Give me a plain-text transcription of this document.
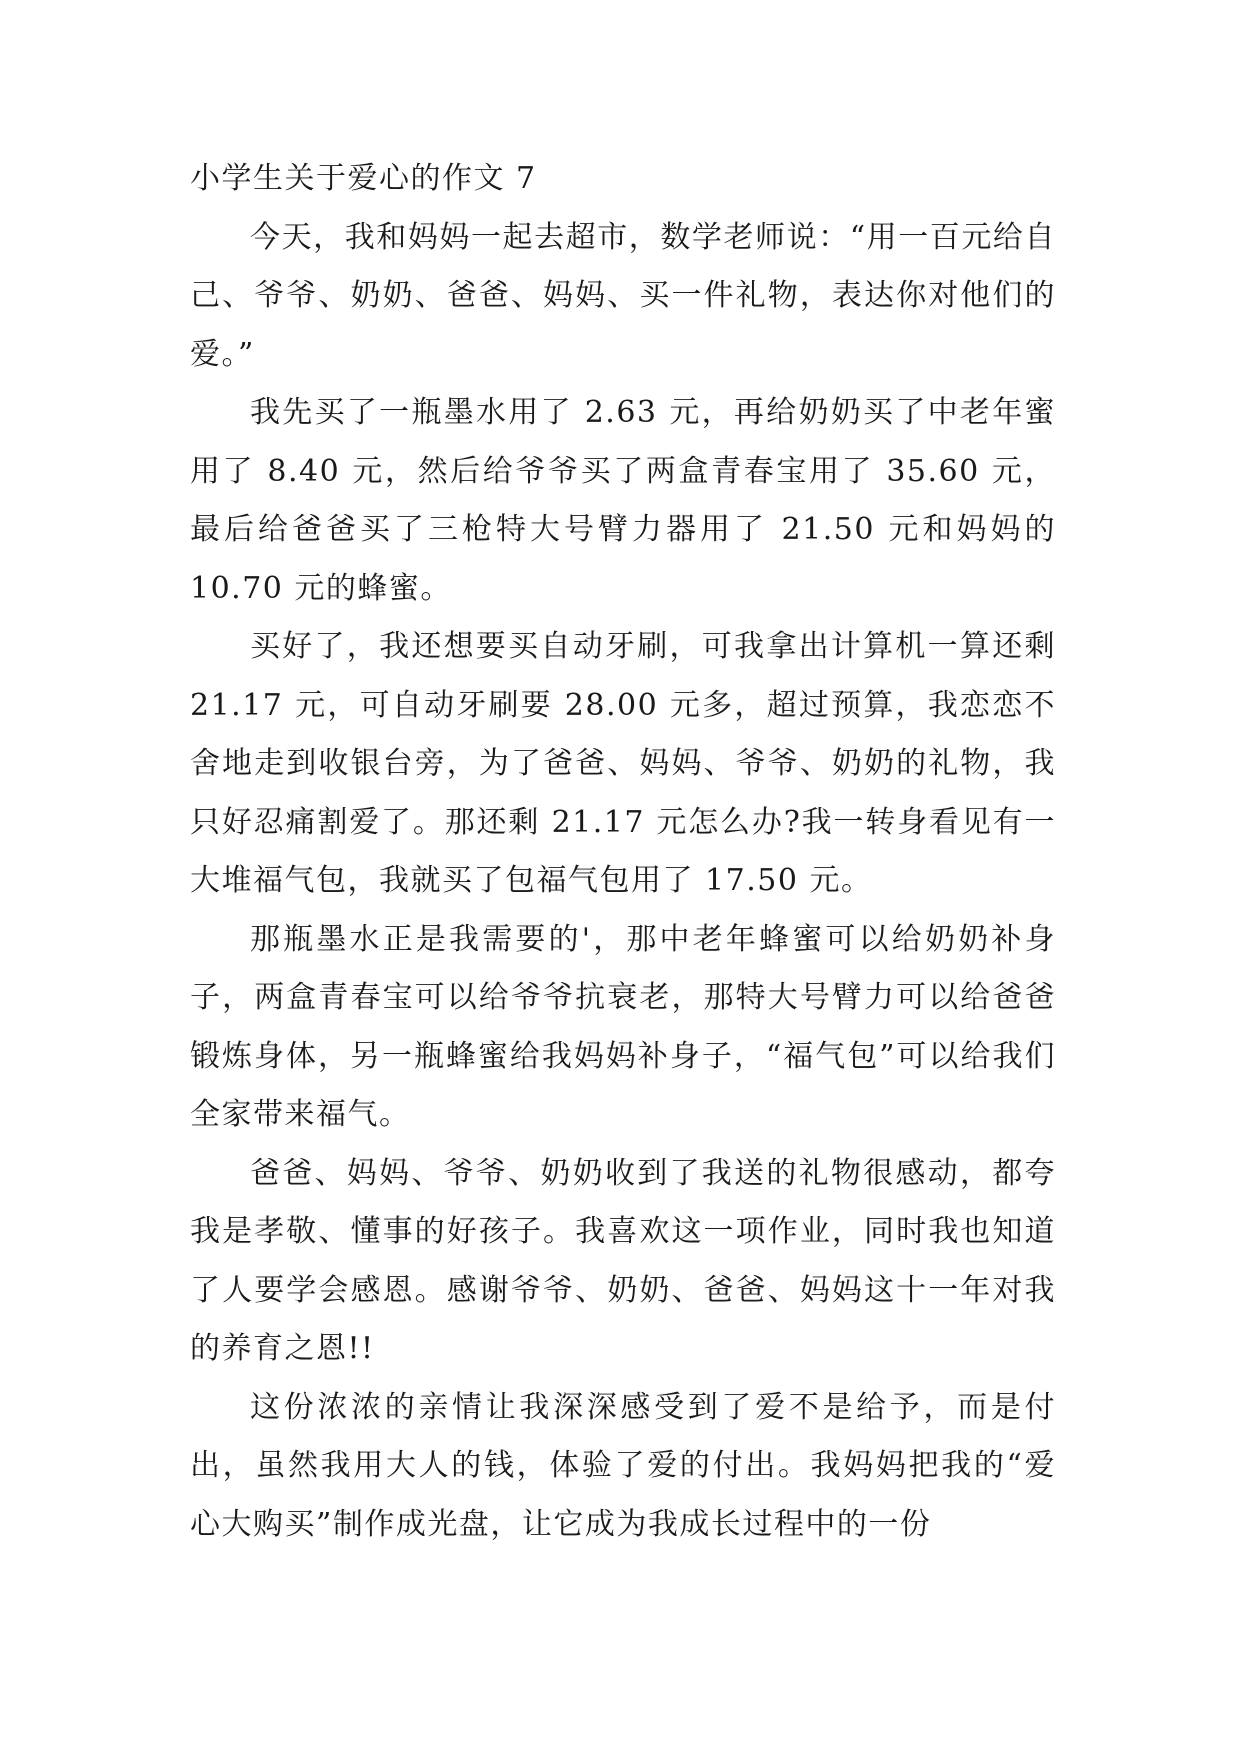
小学生关于爱心的作文 7

今天，我和妈妈一起去超市，数学老师说：“用一百元给自己、爷爷、奶奶、爸爸、妈妈、买一件礼物，表达你对他们的爱。”

我先买了一瓶墨水用了 2.63 元，再给奶奶买了中老年蜜用了 8.40 元，然后给爷爷买了两盒青春宝用了 35.60 元，最后给爸爸买了三枪特大号臂力器用了 21.50 元和妈妈的 10.70 元的蜂蜜。

买好了，我还想要买自动牙刷，可我拿出计算机一算还剩 21.17 元，可自动牙刷要 28.00 元多，超过预算，我恋恋不舍地走到收银台旁，为了爸爸、妈妈、爷爷、奶奶的礼物，我只好忍痛割爱了。那还剩 21.17 元怎么办?我一转身看见有一大堆福气包，我就买了包福气包用了 17.50 元。

那瓶墨水正是我需要的'，那中老年蜂蜜可以给奶奶补身子，两盒青春宝可以给爷爷抗衰老，那特大号臂力可以给爸爸锻炼身体，另一瓶蜂蜜给我妈妈补身子，“福气包”可以给我们全家带来福气。

爸爸、妈妈、爷爷、奶奶收到了我送的礼物很感动，都夸我是孝敬、懂事的好孩子。我喜欢这一项作业，同时我也知道了人要学会感恩。感谢爷爷、奶奶、爸爸、妈妈这十一年对我的养育之恩!!

这份浓浓的亲情让我深深感受到了爱不是给予，而是付出，虽然我用大人的钱，体验了爱的付出。我妈妈把我的“爱心大购买”制作成光盘，让它成为我成长过程中的一份
